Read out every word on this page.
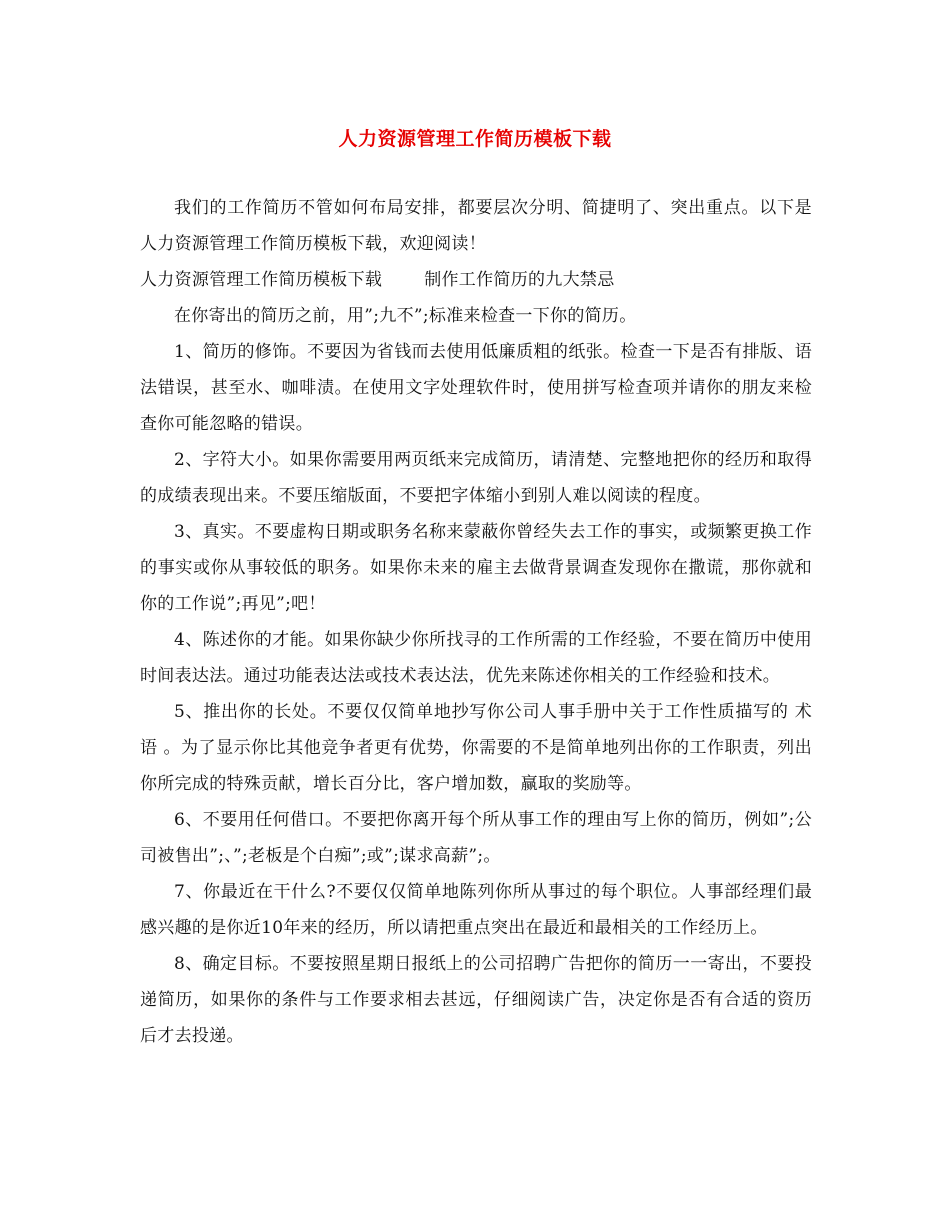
人力资源管理工作简历模板下载

我们的工作简历不管如何布局安排，都要层次分明、简捷明了、突出重点。以下是人力资源管理工作简历模板下载，欢迎阅读！

人力资源管理工作简历模板下载 制作工作简历的九大禁忌

在你寄出的简历之前，用”;九不”;标准来检查一下你的简历。

1、简历的修饰。不要因为省钱而去使用低廉质粗的纸张。检查一下是否有排版、语法错误，甚至水、咖啡渍。在使用文字处理软件时，使用拼写检查项并请你的朋友来检查你可能忽略的错误。

2、字符大小。如果你需要用两页纸来完成简历，请清楚、完整地把你的经历和取得的成绩表现出来。不要压缩版面，不要把字体缩小到别人难以阅读的程度。

3、真实。不要虚构日期或职务名称来蒙蔽你曾经失去工作的事实，或频繁更换工作的事实或你从事较低的职务。如果你未来的雇主去做背景调查发现你在撒谎，那你就和你的工作说”;再见”;吧！

4、陈述你的才能。如果你缺少你所找寻的工作所需的工作经验，不要在简历中使用时间表达法。通过功能表达法或技术表达法，优先来陈述你相关的工作经验和技术。

5、推出你的长处。不要仅仅简单地抄写你公司人事手册中关于工作性质描写的 术语 。为了显示你比其他竞争者更有优势，你需要的不是简单地列出你的工作职责，列出你所完成的特殊贡献，增长百分比，客户增加数，赢取的奖励等。

6、不要用任何借口。不要把你离开每个所从事工作的理由写上你的简历，例如”;公司被售出”;、”;老板是个白痴”;或”;谋求高薪”;。

7、你最近在干什么?不要仅仅简单地陈列你所从事过的每个职位。人事部经理们最感兴趣的是你近10年来的经历，所以请把重点突出在最近和最相关的工作经历上。

8、确定目标。不要按照星期日报纸上的公司招聘广告把你的简历一一寄出，不要投递简历，如果你的条件与工作要求相去甚远，仔细阅读广告，决定你是否有合适的资历后才去投递。
